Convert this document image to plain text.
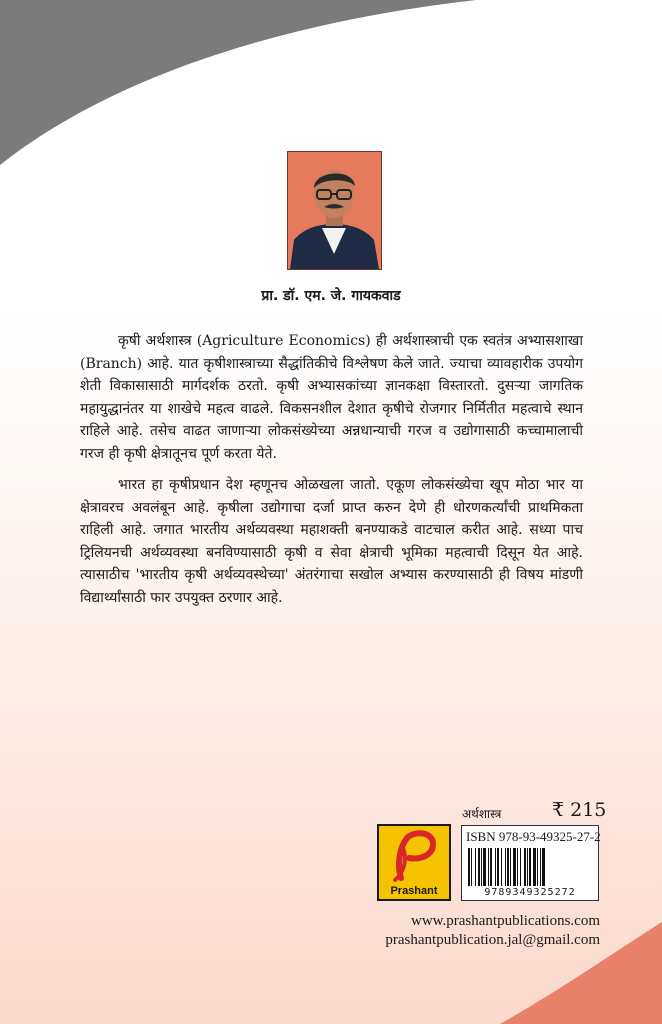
प्रा. डॉ. एम. जे. गायकवाड

कृषी अर्थशास्त्र (Agriculture Economics) ही अर्थशास्त्राची एक स्वतंत्र अभ्यासशाखा (Branch) आहे. यात कृषीशास्त्राच्या सैद्धांतिकीचे विश्लेषण केले जाते. ज्याचा व्यावहारीक उपयोग शेती विकासासाठी मार्गदर्शक ठरतो. कृषी अभ्यासकांच्या ज्ञानकक्षा विस्तारतो. दुसऱ्या जागतिक महायुद्धानंतर या शाखेचे महत्व वाढले. विकसनशील देशात कृषीचे रोजगार निर्मितीत महत्वाचे स्थान राहिले आहे. तसेच वाढत जाणाऱ्या लोकसंख्येच्या अन्नधान्याची गरज व उद्योगासाठी कच्चामालाची गरज ही कृषी क्षेत्रातूनच पूर्ण करता येते.

भारत हा कृषीप्रधान देश म्हणूनच ओळखला जातो. एकूण लोकसंख्येचा खूप मोठा भार या क्षेत्रावरच अवलंबून आहे. कृषीला उद्योगाचा दर्जा प्राप्त करुन देणे ही धोरणकर्त्यांची प्राथमिकता राहिली आहे. जगात भारतीय अर्थव्यवस्था महाशक्ती बनण्याकडे वाटचाल करीत आहे. सध्या पाच ट्रिलियनची अर्थव्यवस्था बनविण्यासाठी कृषी व सेवा क्षेत्राची भूमिका महत्वाची दिसून येत आहे. त्यासाठीच 'भारतीय कृषी अर्थव्यवस्थेच्या' अंतरंगाचा सखोल अभ्यास करण्यासाठी ही विषय मांडणी विद्यार्थ्यांसाठी फार उपयुक्त ठरणार आहे.

अर्थशास्त्र	₹ 215
Prashant
ISBN 978-93-49325-27-2
9789349325272
www.prashantpublications.com
prashantpublication.jal@gmail.com
